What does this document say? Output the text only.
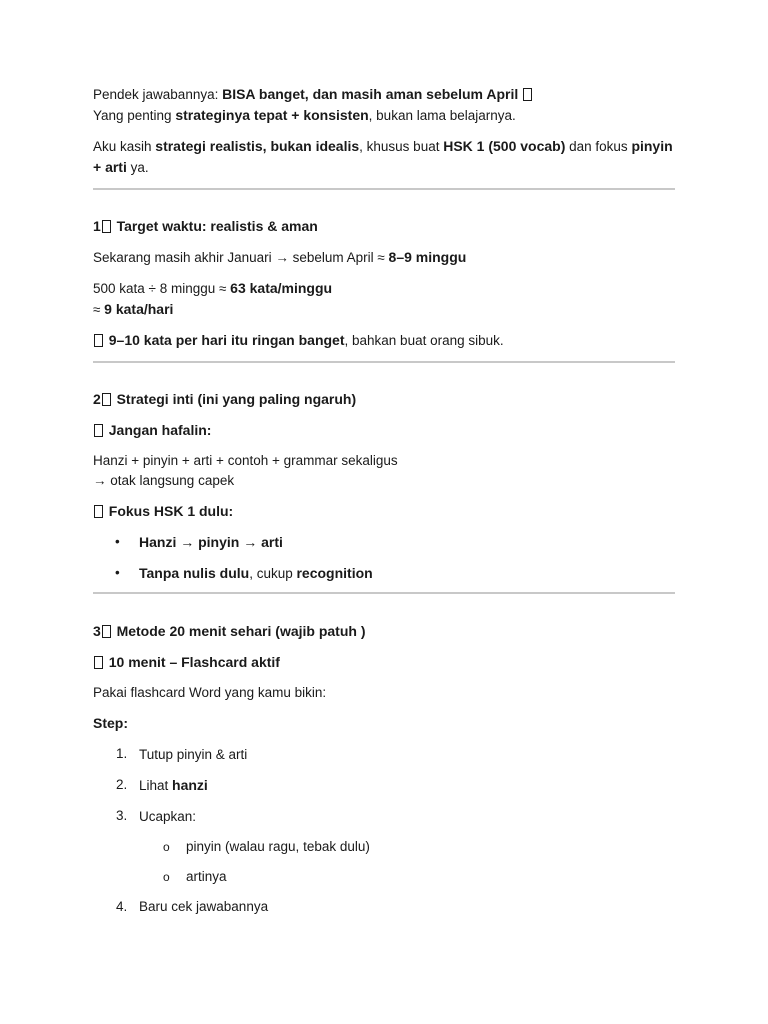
Pendek jawabannya: BISA banget, dan masih aman sebelum April

Yang penting strateginya tepat + konsisten, bukan lama belajarnya.

Aku kasih strategi realistis, bukan idealis, khusus buat HSK 1 (500 vocab) dan fokus pinyin + arti ya.

1 Target waktu: realistis & aman

Sekarang masih akhir Januari → sebelum April ≈ 8–9 minggu

500 kata ÷ 8 minggu ≈ 63 kata/minggu

≈ 9 kata/hari

9–10 kata per hari itu ringan banget, bahkan buat orang sibuk.

2 Strategi inti (ini yang paling ngaruh)

Jangan hafalin:

Hanzi + pinyin + arti + contoh + grammar sekaligus

→ otak langsung capek

Fokus HSK 1 dulu:

• Hanzi → pinyin → arti
• Tanpa nulis dulu, cukup recognition

3 Metode 20 menit sehari (wajib patuh )

10 menit – Flashcard aktif

Pakai flashcard Word yang kamu bikin:

Step:

1. Tutup pinyin & arti
2. Lihat hanzi
3. Ucapkan:
o pinyin (walau ragu, tebak dulu)
o artinya
4. Baru cek jawabannya
